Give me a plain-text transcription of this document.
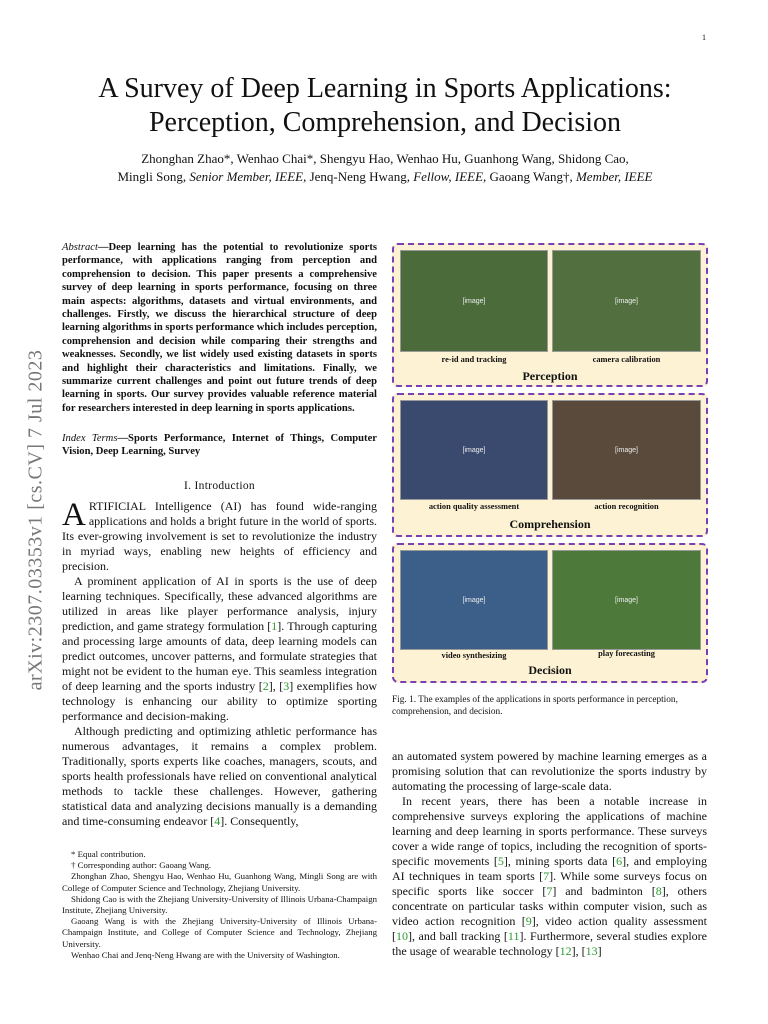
1
arXiv:2307.03353v1 [cs.CV] 7 Jul 2023
A Survey of Deep Learning in Sports Applications:
Perception, Comprehension, and Decision
Zhonghan Zhao*, Wenhao Chai*, Shengyu Hao, Wenhao Hu, Guanhong Wang, Shidong Cao,
Mingli Song, Senior Member, IEEE, Jenq-Neng Hwang, Fellow, IEEE, Gaoang Wang†, Member, IEEE
Abstract—Deep learning has the potential to revolutionize sports performance, with applications ranging from perception and comprehension to decision. This paper presents a comprehensive survey of deep learning in sports performance, focusing on three main aspects: algorithms, datasets and virtual environments, and challenges. Firstly, we discuss the hierarchical structure of deep learning algorithms in sports performance which includes perception, comprehension and decision while comparing their strengths and weaknesses. Secondly, we list widely used existing datasets in sports and highlight their characteristics and limitations. Finally, we summarize current challenges and point out future trends of deep learning in sports. Our survey provides valuable reference material for researchers interested in deep learning in sports applications.
Index Terms—Sports Performance, Internet of Things, Computer Vision, Deep Learning, Survey
I. Introduction

ARTIFICIAL Intelligence (AI) has found wide-ranging applications and holds a bright future in the world of sports. Its ever-growing involvement is set to revolutionize the industry in myriad ways, enabling new heights of efficiency and precision.

A prominent application of AI in sports is the use of deep learning techniques. Specifically, these advanced algorithms are utilized in areas like player performance analysis, injury prediction, and game strategy formulation [1]. Through capturing and processing large amounts of data, deep learning models can predict outcomes, uncover patterns, and formulate strategies that might not be evident to the human eye. This seamless integration of deep learning and the sports industry [2], [3] exemplifies how technology is enhancing our ability to optimize sporting performance and decision-making.

Although predicting and optimizing athletic performance has numerous advantages, it remains a complex problem. Traditionally, sports experts like coaches, managers, scouts, and sports health professionals have relied on conventional analytical methods to tackle these challenges. However, gathering statistical data and analyzing decisions manually is a demanding and time-consuming endeavor [4]. Consequently,

* Equal contribution.

† Corresponding author: Gaoang Wang.

Zhonghan Zhao, Shengyu Hao, Wenhao Hu, Guanhong Wang, Mingli Song are with College of Computer Science and Technology, Zhejiang University.

Shidong Cao is with the Zhejiang University-University of Illinois Urbana-Champaign Institute, Zhejiang University.

Gaoang Wang is with the Zhejiang University-University of Illinois Urbana-Champaign Institute, and College of Computer Science and Technology, Zhejiang University.

Wenhao Chai and Jenq-Neng Hwang are with the University of Washington.

[image]	[image]
re-id and tracking	camera calibration
Perception
[image]	[image]
action quality assessment	action recognition
Comprehension
[image]	[image]
video synthesizing	play forecasting
Decision
Fig. 1. The examples of the applications in sports performance in perception, comprehension, and decision.

an automated system powered by machine learning emerges as a promising solution that can revolutionize the sports industry by automating the processing of large-scale data.

In recent years, there has been a notable increase in comprehensive surveys exploring the applications of machine learning and deep learning in sports performance. These surveys cover a wide range of topics, including the recognition of sports-specific movements [5], mining sports data [6], and employing AI techniques in team sports [7]. While some surveys focus on specific sports like soccer [7] and badminton [8], others concentrate on particular tasks within computer vision, such as video action recognition [9], video action quality assessment [10], and ball tracking [11]. Furthermore, several studies explore the usage of wearable technology [12], [13]
